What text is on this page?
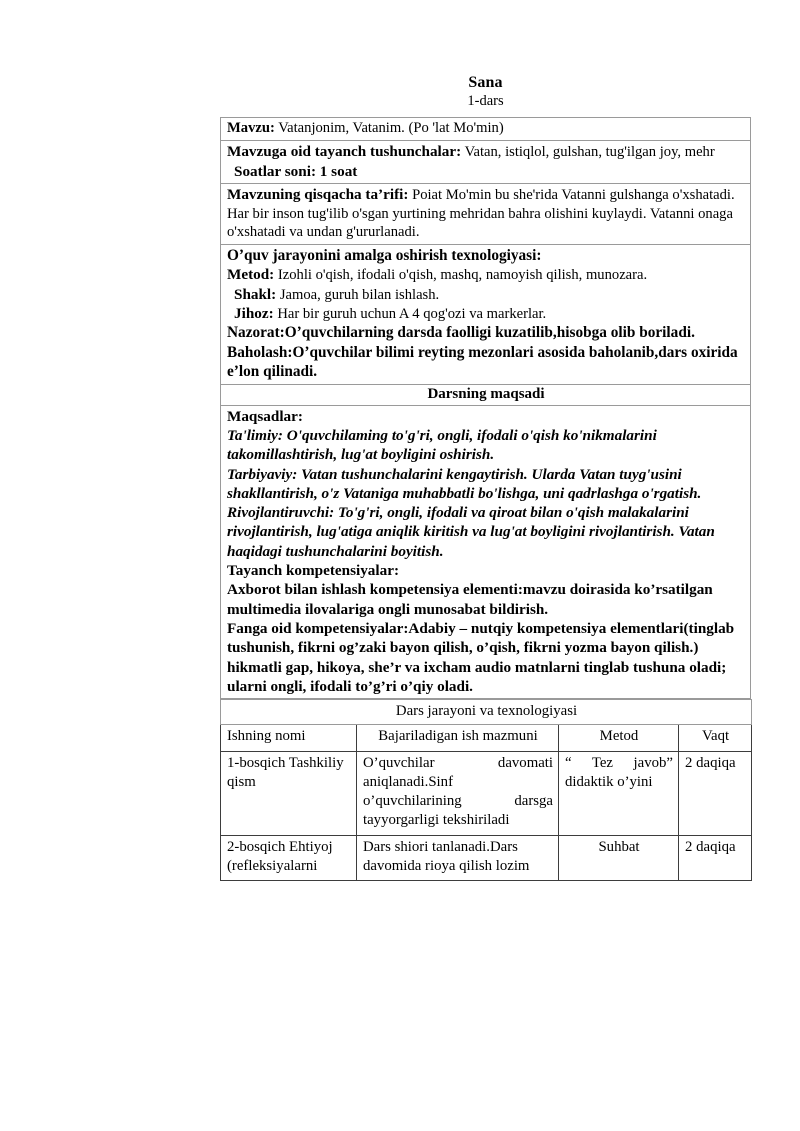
Sana
1-dars
Mavzu: Vatanjonim, Vatanim. (Po 'lat Mo'min)
Mavzuga oid tayanch tushunchalar: Vatan, istiqlol, gulshan, tug'ilgan joy, mehr
Soatlar soni: 1 soat

Mavzuning qisqacha ta’rifi: Poiat Mo'min bu she'rida Vatanni gulshanga o'xshatadi. Har bir inson tug'ilib o'sgan yurtining mehridan bahra olishini kuylaydi. Vatanni onaga o'xshatadi va undan g'ururlanadi.

O’quv jarayonini amalga oshirish texnologiyasi:
Metod: Izohli o'qish, ifodali o'qish, mashq, namoyish qilish, munozara.
Shakl: Jamoa, guruh bilan ishlash.
Jihoz: Har bir guruh uchun A 4 qog'ozi va markerlar.
Nazorat:O’quvchilarning darsda faolligi kuzatilib,hisobga olib boriladi.
Baholash:O’quvchilar bilimi reyting mezonlari asosida baholanib,dars oxirida e’lon qilinadi.

Darsning maqsadi

Maqsadlar:
Ta'limiy: O'quvchilaming to'g'ri, ongli, ifodali o'qish ko'nikmalarini takomillashtirish, lug'at boyligini oshirish.
Tarbiyaviy: Vatan tushunchalarini kengaytirish. Ularda Vatan tuyg'usini shakllantirish, o'z Vataniga muhabbatli bo'lishga, uni qadrlashga o'rgatish. Rivojlantiruvchi: To'g'ri, ongli, ifodali va qiroat bilan o'qish malakalarini rivojlantirish, lug'atiga aniqlik kiritish va lug'at boyligini rivojlantirish. Vatan haqidagi tushunchalarini boyitish.
Tayanch kompetensiyalar:
Axborot bilan ishlash kompetensiya elementi:mavzu doirasida ko’rsatilgan multimedia ilovalariga ongli munosabat bildirish.
Fanga oid kompetensiyalar:Adabiy – nutqiy kompetensiya elementlari(tinglab tushunish, fikrni og’zaki bayon qilish, o’qish, fikrni yozma bayon qilish.) hikmatli gap, hikoya, she’r va ixcham audio matnlarni tinglab tushuna oladi; ularni ongli, ifodali to’g’ri o’qiy oladi.
Dars jarayoni va texnologiyasi			
Ishning nomi	Bajariladigan ish mazmuni	Metod	Vaqt
1-bosqich Tashkiliy qism	O’quvchilar davomati aniqlanadi.Sinf o’quvchilarining darsga tayyorgarligi tekshiriladi	“ Tez javob” didaktik o’yini	2 daqiqa
2-bosqich Ehtiyoj (refleksiyalarni	Dars shiori tanlanadi.Dars davomida rioya qilish lozim	Suhbat	2 daqiqa
